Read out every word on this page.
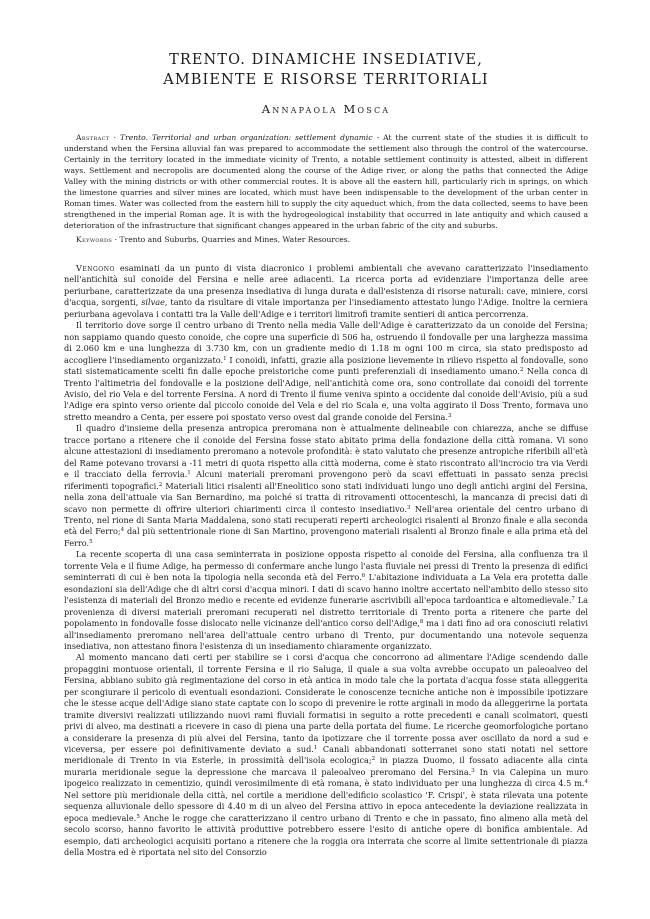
TRENTO. DINAMICHE INSEDIATIVE,
AMBIENTE E RISORSE TERRITORIALI
Annapaola Mosca

Abstract · Trento. Territorial and urban organization: settlement dynamic - At the current state of the studies it is difficult to understand when the Fersina alluvial fan was prepared to accommodate the settlement also through the control of the watercourse. Certainly in the territory located in the immediate vicinity of Trento, a notable settlement continuity is attested, albeit in different ways. Settlement and necropolis are documented along the course of the Adige river, or along the paths that connected the Adige Valley with the mining districts or with other commercial routes. It is above all the eastern hill, particularly rich in springs, on which the limestone quarries and silver mines are located, which must have been indispensable to the development of the urban center in Roman times. Water was collected from the eastern hill to supply the city aqueduct which, from the data collected, seems to have been strengthened in the imperial Roman age. It is with the hydrogeological instability that occurred in late antiquity and which caused a deterioration of the infrastructure that significant changes appeared in the urban fabric of the city and suburbs.

Keywords · Trento and Suburbs, Quarries and Mines, Water Resources.

Vengono esaminati da un punto di vista diacronico i problemi ambientali che avevano caratterizzato l'insediamento nell'antichità sul conoide del Fersina e nelle aree adiacenti. La ricerca porta ad evidenziare l'importanza delle aree periurbane, caratterizzate da una presenza insediativa di lunga durata e dall'esistenza di risorse naturali: cave, miniere, corsi d'acqua, sorgenti, silvae, tanto da risultare di vitale importanza per l'insediamento attestato lungo l'Adige. Inoltre la cerniera periurbana agevolava i contatti tra la Valle dell'Adige e i territori limitrofi tramite sentieri di antica percorrenza.

Il territorio dove sorge il centro urbano di Trento nella media Valle dell'Adige è caratterizzato da un conoide del Fersina; non sappiamo quando questo conoide, che copre una superficie di 506 ha, ostruendo il fondovalle per una larghezza massima di 2.060 km e una lunghezza di 3.730 km, con un gradiente medio di 1.18 m ogni 100 m circa, sia stato predisposto ad accogliere l'insediamento organizzato.$^1$ I conoidi, infatti, grazie alla posizione lievemente in rilievo rispetto al fondovalle, sono stati sistematicamente scelti fin dalle epoche preistoriche come punti preferenziali di insediamento umano.$^2$ Nella conca di Trento l'altimetria del fondovalle e la posizione dell'Adige, nell'antichità come ora, sono controllate dai conoidi del torrente Avisio, del rio Vela e del torrente Fersina. A nord di Trento il fiume veniva spinto a occidente dal conoide dell'Avisio, più a sud l'Adige era spinto verso oriente dal piccolo conoide del Vela e del rio Scala e, una volta aggirato il Doss Trento, formava uno stretto meandro a Centa, per essere poi spostato verso ovest dal grande conoide del Fersina.$^3$

Il quadro d'insieme della presenza antropica preromana non è attualmente delineabile con chiarezza, anche se diffuse tracce portano a ritenere che il conoide del Fersina fosse stato abitato prima della fondazione della città romana. Vi sono alcune attestazioni di insediamento preromano a notevole profondità: è stato valutato che presenze antropiche riferibili all'età del Rame potevano trovarsi a -11 metri di quota rispetto alla città moderna, come è stato riscontrato all'incrocio tra via Verdi e il tracciato della ferrovia.$^1$ Alcuni materiali preromani provengono però da scavi effettuati in passato senza precisi riferimenti topografici.$^2$ Materiali litici risalenti all'Eneolitico sono stati individuati lungo uno degli antichi argini del Fersina, nella zona dell'attuale via San Bernardino, ma poiché si tratta di ritrovamenti ottocenteschi, la mancanza di precisi dati di scavo non permette di offrire ulteriori chiarimenti circa il contesto insediativo.$^3$ Nell'area orientale del centro urbano di Trento, nel rione di Santa Maria Maddalena, sono stati recuperati reperti archeologici risalenti al Bronzo finale e alla seconda età del Ferro;$^4$ dal più settentrionale rione di San Martino, provengono materiali risalenti al Bronzo finale e alla prima età del Ferro.$^5$

La recente scoperta di una casa seminterrata in posizione opposta rispetto al conoide del Fersina, alla confluenza tra il torrente Vela e il fiume Adige, ha permesso di confermare anche lungo l'asta fluviale nei pressi di Trento la presenza di edifici seminterrati di cui è ben nota la tipologia nella seconda età del Ferro.$^6$ L'abitazione individuata a La Vela era protetta dalle esondazioni sia dell'Adige che di altri corsi d'acqua minori. I dati di scavo hanno inoltre accertato nell'ambito dello stesso sito l'esistenza di materiali del Bronzo medio e recente ed evidenze funerarie ascrivibili all'epoca tardoantica e altomedievale.$^7$ La provenienza di diversi materiali preromani recuperati nel distretto territoriale di Trento porta a ritenere che parte del popolamento in fondovalle fosse dislocato nelle vicinanze dell'antico corso dell'Adige,$^8$ ma i dati fino ad ora conosciuti relativi all'insediamento preromano nell'area dell'attuale centro urbano di Trento, pur documentando una notevole sequenza insediativa, non attestano finora l'esistenza di un insediamento chiaramente organizzato.

Al momento mancano dati certi per stabilire se i corsi d'acqua che concorrono ad alimentare l'Adige scendendo dalle propaggini montuose orientali, il torrente Fersina e il rio Saluga, il quale a sua volta avrebbe occupato un paleoalveo del Fersina, abbiano subito già regimentazione del corso in età antica in modo tale che la portata d'acqua fosse stata alleggerita per scongiurare il pericolo di eventuali esondazioni. Considerate le conoscenze tecniche antiche non è impossibile ipotizzare che le stesse acque dell'Adige siano state captate con lo scopo di prevenire le rotte arginali in modo da alleggerirne la portata tramite diversivi realizzati utilizzando nuovi rami fluviali formatisi in seguito a rotte precedenti e canali scolmatori, questi privi di alveo, ma destinati a ricevere in caso di piena una parte della portata del fiume. Le ricerche geomorfologiche portano a considerare la presenza di più alvei del Fersina, tanto da ipotizzare che il torrente possa aver oscillato da nord a sud e viceversa, per essere poi definitivamente deviato a sud.$^1$ Canali abbandonati sotterranei sono stati notati nel settore meridionale di Trento in via Esterle, in prossimità dell'isola ecologica;$^2$ in piazza Duomo, il fossato adiacente alla cinta muraria meridionale segue la depressione che marcava il paleoalveo preromano del Fersina.$^3$ In via Calepina un muro ipogeico realizzato in cementizio, quindi verosimilmente di età romana, è stato individuato per una lunghezza di circa 4.5 m.$^4$ Nel settore più meridionale della città, nel cortile a meridione dell'edificio scolastico 'F. Crispi', è stata rilevata una potente sequenza alluvionale dello spessore di 4.40 m di un alveo del Fersina attivo in epoca antecedente la deviazione realizzata in epoca medievale.$^5$ Anche le rogge che caratterizzano il centro urbano di Trento e che in passato, fino almeno alla metà del secolo scorso, hanno favorito le attività produttive potrebbero essere l'esito di antiche opere di bonifica ambientale. Ad esempio, dati archeologici acquisiti portano a ritenere che la roggia ora interrata che scorre al limite settentrionale di piazza della Mostra ed è riportata nel sito del Consorzio
